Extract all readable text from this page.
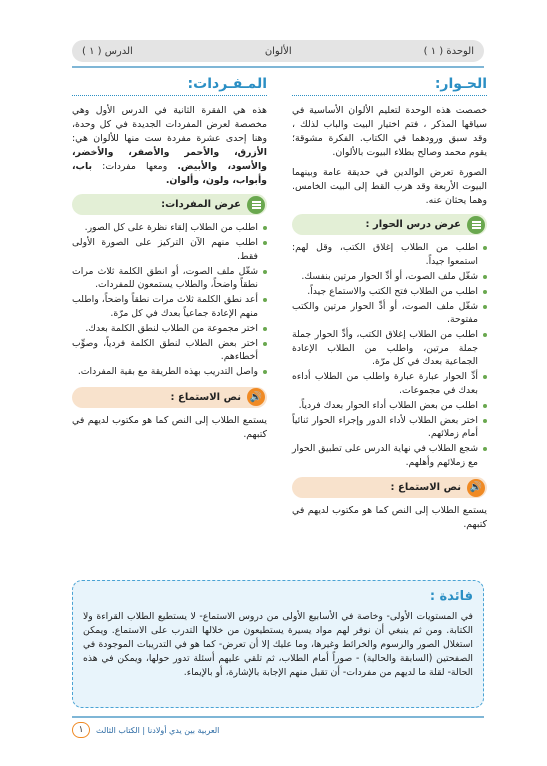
الوحدة ( ١ )
الألوان
الدرس ( ١ )
الحـوار:

خصصت هذه الوحدة لتعليم الألوان الأساسية في سياقها المذكر ، فتم اختيار البيت والباب لذلك ، وقد سبق ورودهما في الكتاب. الفكرة مشوقة؛ يقوم محمد وصالح بطلاء البيوت بالألوان.

الصورة تعرض الوالدين في حديقة عامة وبينهما البيوت الأربعة وقد هرب القط إلى البيت الخامس. وهما يحثان عنه.

عرض درس الحوار :
اطلب من الطلاب إغلاق الكتب، وقل لهم: استمعوا جيداً.
شغّل ملف الصوت، أو أدِّ الحوار مرتين بنفسك.
اطلب من الطلاب فتح الكتب والاستماع جيداً.
شغّل ملف الصوت، أو أدِّ الحوار مرتين والكتب مفتوحة.
اطلب من الطلاب إغلاق الكتب، وأدِّ الحوار جملة جملة مرتين، واطلب من الطلاب الإعادة الجماعية بعدك في كل مرّة.
أدِّ الحوار عبارة عبارة واطلب من الطلاب أداءه بعدك في مجموعات.
اطلب من بعض الطلاب أداء الحوار بعدك فردياً.
اختر بعض الطلاب لأداء الدور وإجراء الحوار ثنائياً أمام زملائهم.
شجع الطلاب في نهاية الدرس على تطبيق الحوار مع زملائهم وأهلهم.
🔊
نص الاستماع :

يستمع الطلاب إلى النص كما هو مكتوب لديهم في كتبهم.

المـفـردات:

هذه هي الفقرة الثانية في الدرس الأول وهي مخصصة لعرض المفردات الجديدة في كل وحدة، وهنا إحدى عشرة مفردة ست منها للألوان هي: الأزرق، والأحمر والأصفر، والأخضر، والأسود، والأبيض. ومعها مفردات: باب، وأبواب، ولون، وألوان.

عرض المفردات:
اطلب من الطلاب إلقاء نظرة على كل الصور.
اطلب منهم الآن التركيز على الصورة الأولى فقط.
شغّل ملف الصوت، أو انطق الكلمة ثلاث مرات نطقاً واضحاً، والطلاب يستمعون للمفردات.
أعد نطق الكلمة ثلاث مرات نطقاً واضحاً، واطلب منهم الإعادة جماعياً بعدك في كل مرّة.
اختر مجموعة من الطلاب لنطق الكلمة بعدك.
اختر بعض الطلاب لنطق الكلمة فردياً، وصوِّب أخطاءهم.
واصل التدريب بهذه الطريقة مع بقية المفردات.
🔊
نص الاستماع :

يستمع الطلاب إلى النص كما هو مكتوب لديهم في كتبهم.

فائدة :

في المستويات الأولى- وخاصة في الأسابيع الأولى من دروس الاستماع- لا يستطيع الطلاب القراءة ولا الكتابة. ومن ثم ينبغي أن نوفر لهم مواد يسيرة يستطيعون من خلالها التدرب على الاستماع. ويمكن استغلال الصور والرسوم والخرائط وغيرها، وما عليك إلا أن تعرض- كما هو في التدريبات الموجودة في الصفحتين (السابقة والحالية) - صوراً أمام الطلاب، ثم تلقي عليهم أسئلة تدور حولها، ويمكن في هذه الحالة- لقلة ما لديهم من مفردات- أن تقبل منهم الإجابة بالإشارة، أو بالإيماء.

١	العربية بين يدي أولادنا | الكتاب الثالث
